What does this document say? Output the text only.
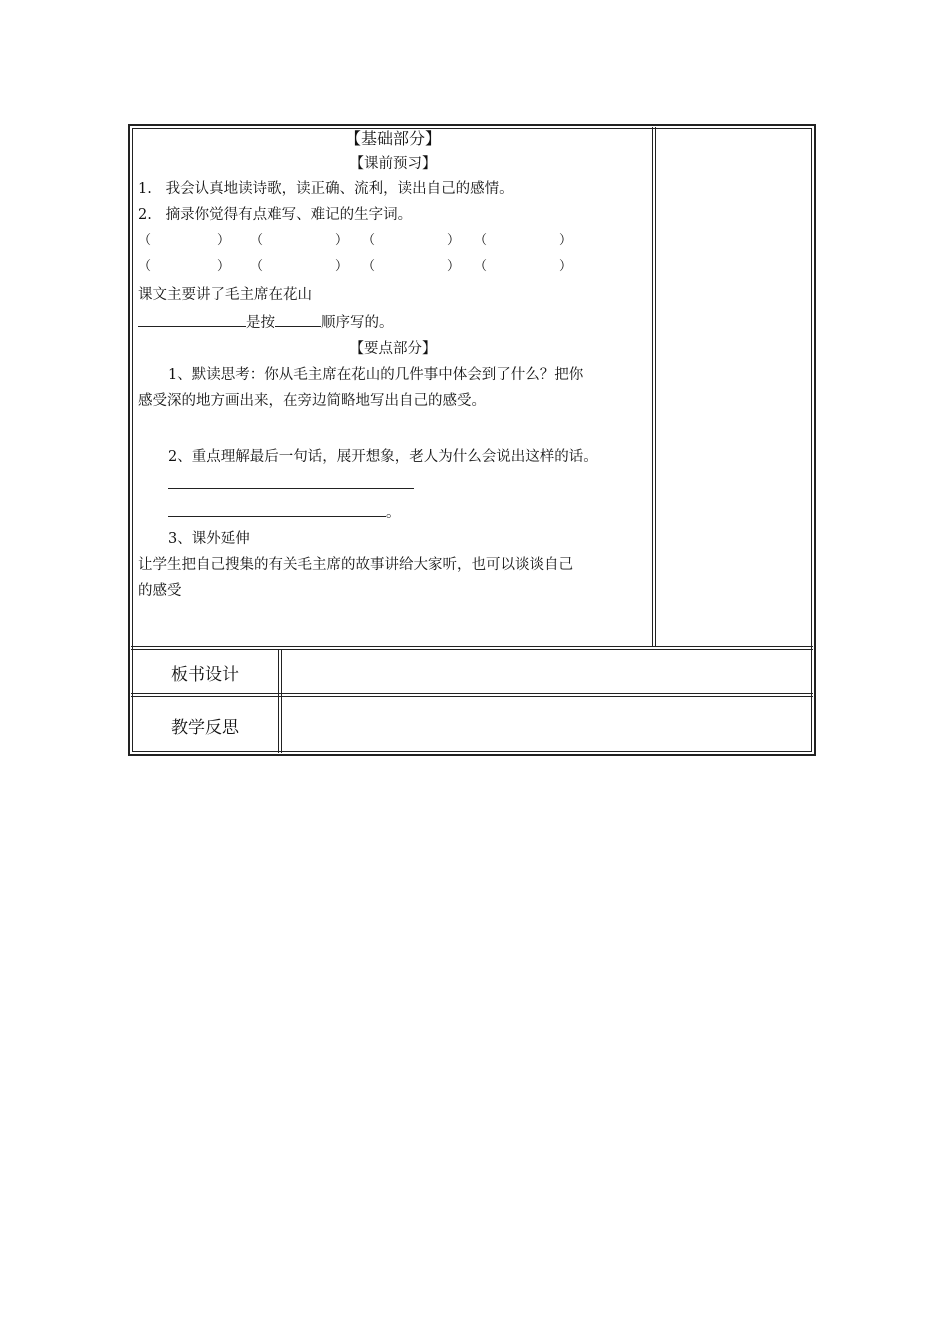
【基础部分】
【课前预习】
1.   我会认真地读诗歌，读正确、流利，读出自己的感情。
2.   摘录你觉得有点难写、难记的生字词。
（	）	（	）	（	）	（	）
（	）	（	）	（	）	（	）
课文主要讲了毛主席在花山
是按	顺序写的。
【要点部分】
1、默读思考：你从毛主席在花山的几件事中体会到了什么？把你
感受深的地方画出来，在旁边简略地写出自己的感受。
2、重点理解最后一句话，展开想象，老人为什么会说出这样的话。
。
3、课外延伸
让学生把自己搜集的有关毛主席的故事讲给大家听，也可以谈谈自己
的感受
板书设计
教学反思
